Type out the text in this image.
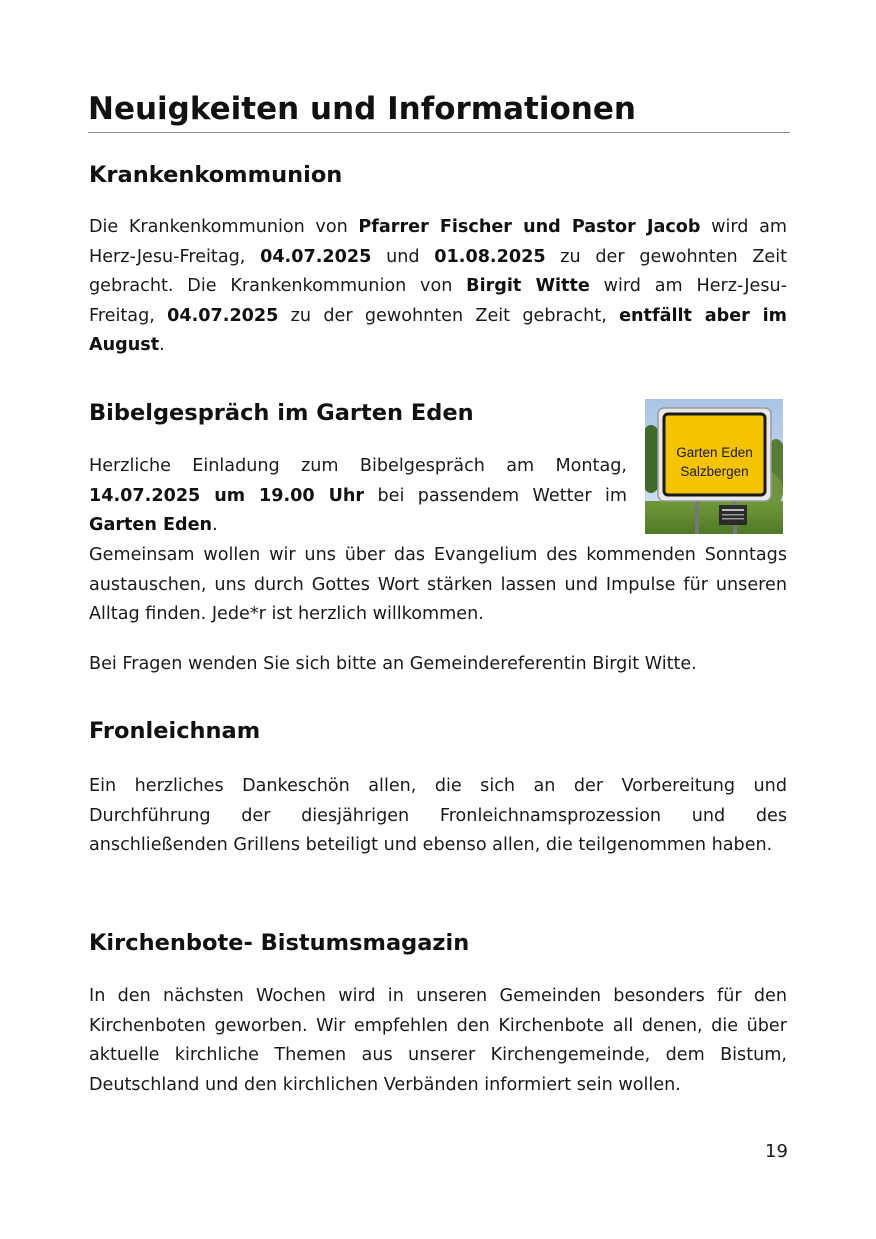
Neuigkeiten und Informationen
Krankenkommunion

Die Krankenkommunion von Pfarrer Fischer und Pastor Jacob wird am Herz-Jesu-Freitag, 04.07.2025 und 01.08.2025 zu der gewohnten Zeit gebracht. Die Krankenkommunion von Birgit Witte wird am Herz-Jesu-Freitag, 04.07.2025 zu der gewohnten Zeit gebracht, entfällt aber im August.

Bibelgespräch im Garten Eden

Herzliche Einladung zum Bibelgespräch am Montag, 14.07.2025 um 19.00 Uhr bei passendem Wetter im Garten Eden.

Gemeinsam wollen wir uns über das Evangelium des kommenden Sonntags austauschen, uns durch Gottes Wort stärken lassen und Impulse für unseren Alltag finden. Jede*r ist herzlich willkommen.

Bei Fragen wenden Sie sich bitte an Gemeindereferentin Birgit Witte.

Garten Eden
Salzbergen
Fronleichnam

Ein herzliches Dankeschön allen, die sich an der Vorbereitung und Durchführung der diesjährigen Fronleichnamsprozession und des anschließenden Grillens beteiligt und ebenso allen, die teilgenommen haben.

Kirchenbote- Bistumsmagazin

In den nächsten Wochen wird in unseren Gemeinden besonders für den Kirchenboten geworben. Wir empfehlen den Kirchenbote all denen, die über aktuelle kirchliche Themen aus unserer Kirchengemeinde, dem Bistum, Deutschland und den kirchlichen Verbänden informiert sein wollen.

19
